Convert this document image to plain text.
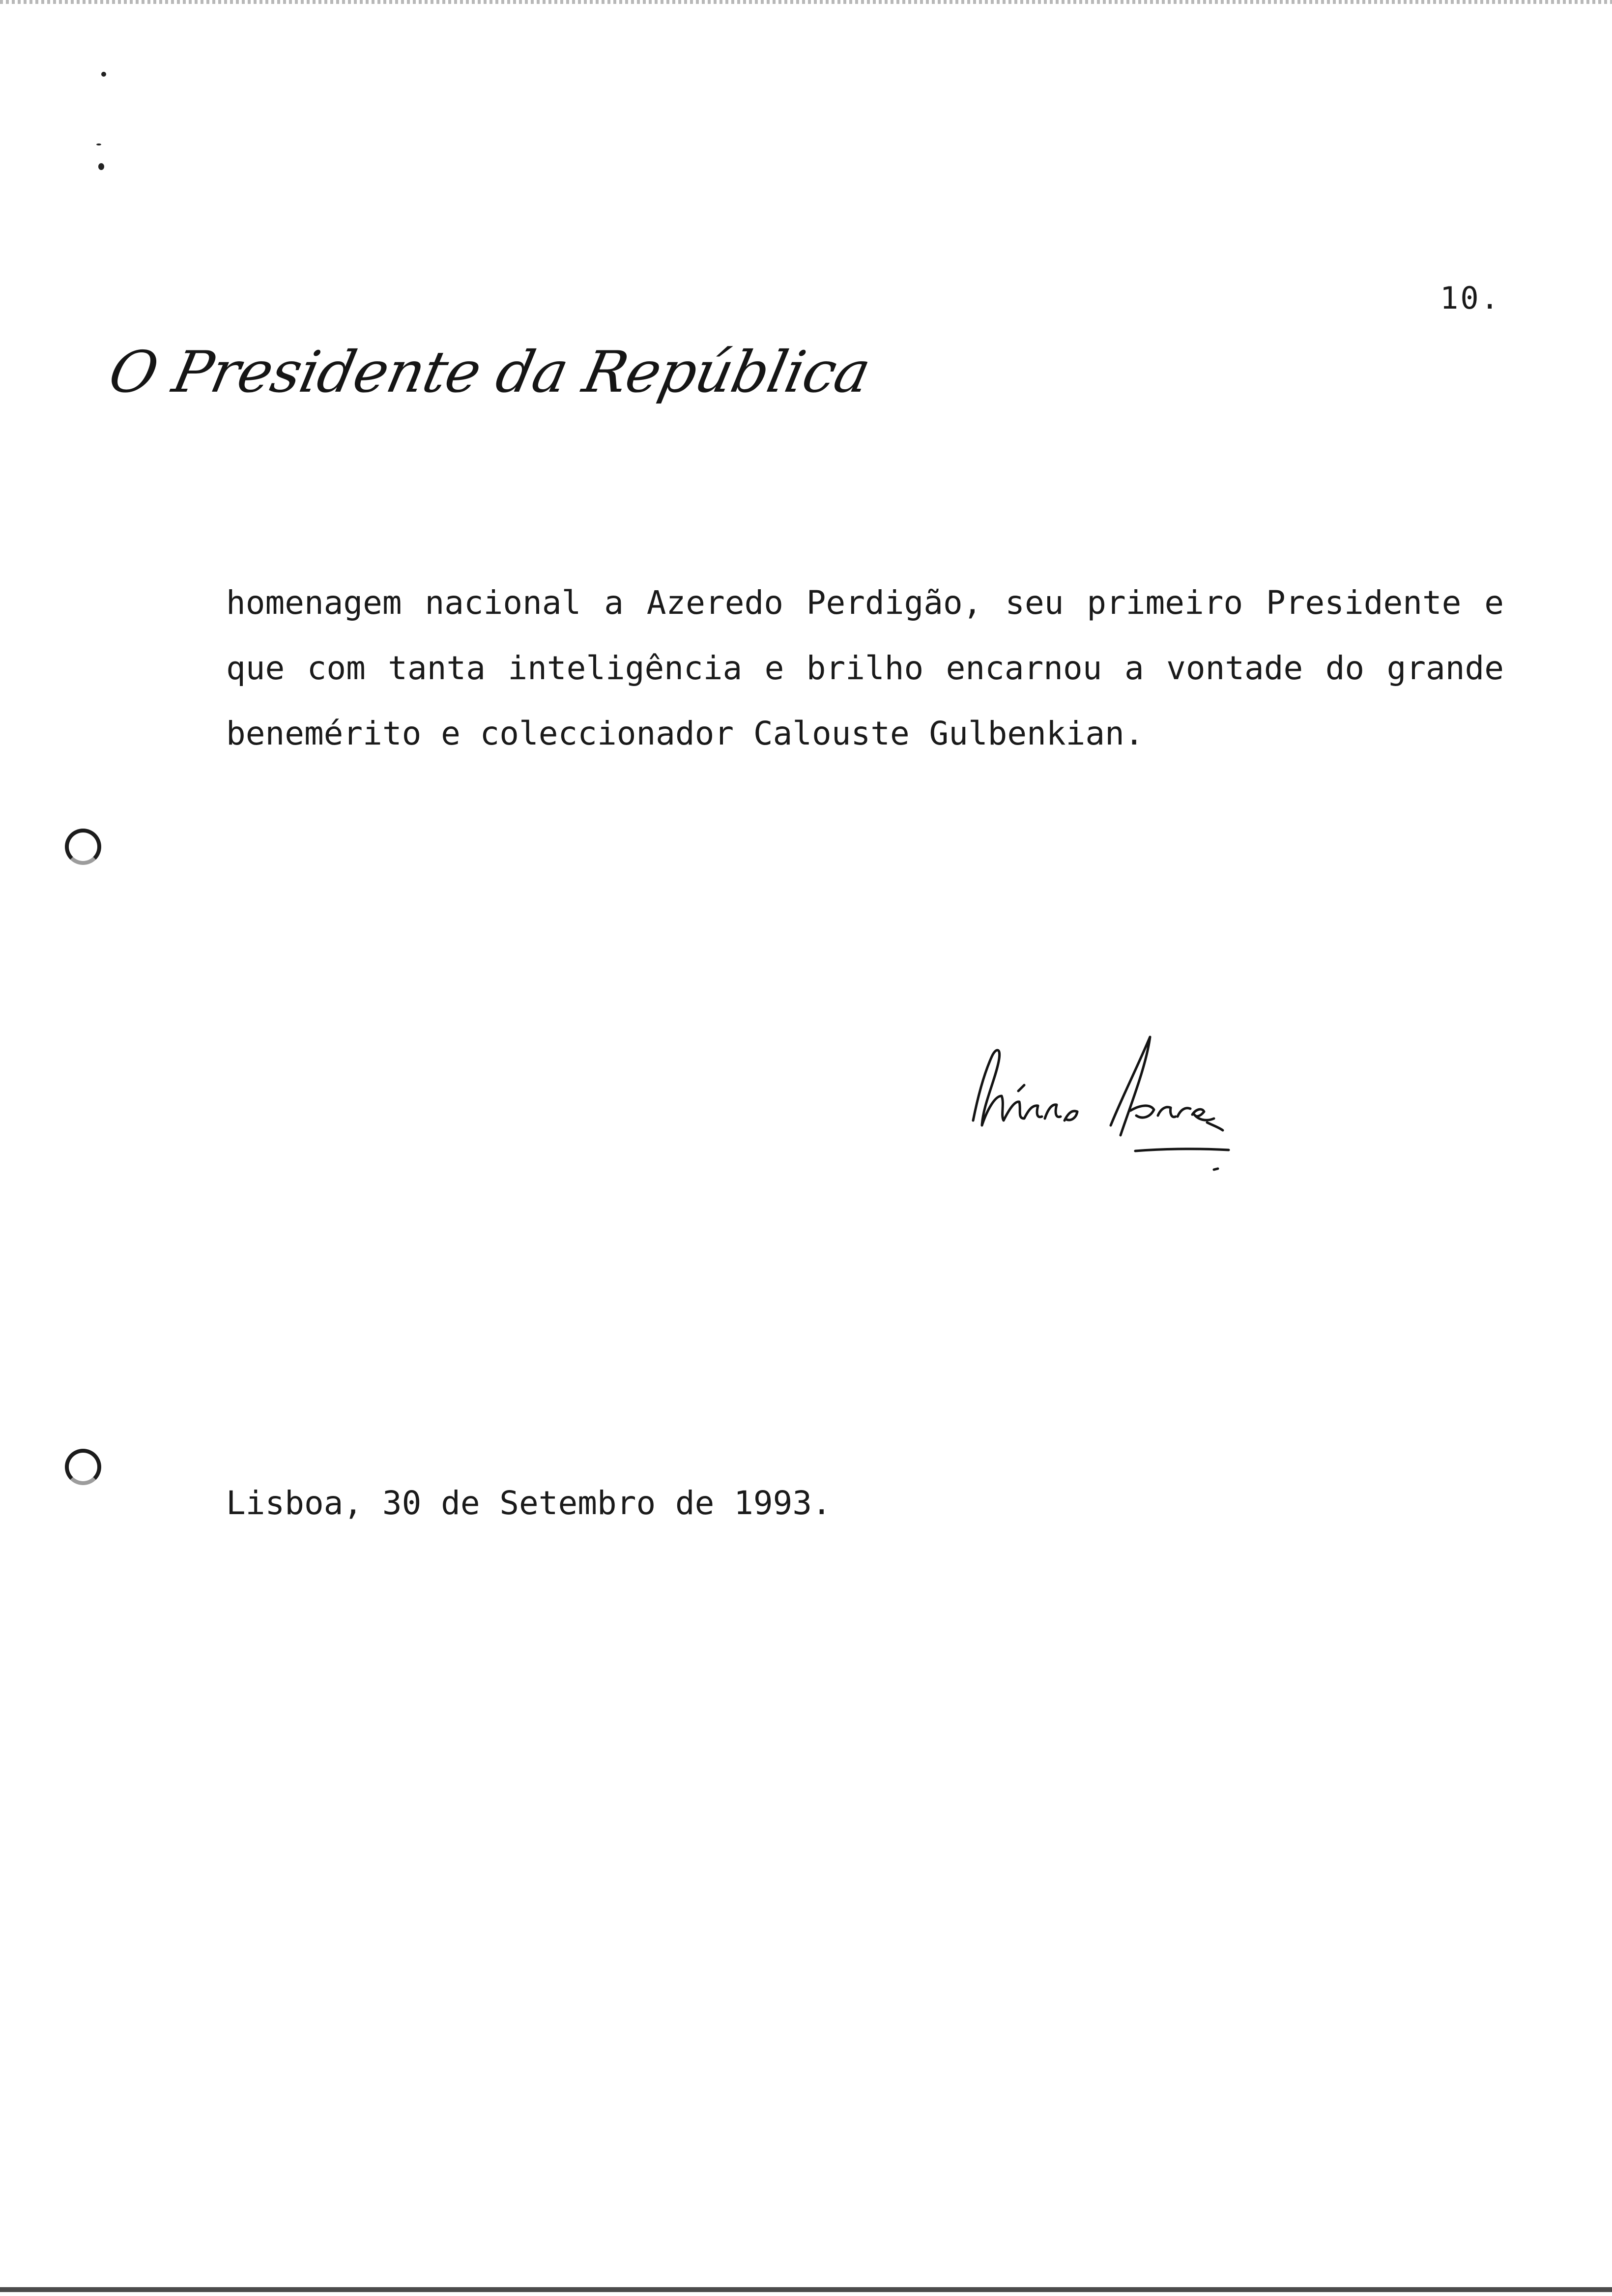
10.
O Presidente da República
homenagem nacional a Azeredo Perdigão, seu primeiro Presidente e
que com tanta inteligência e brilho encarnou a vontade do grande
benemérito e coleccionador Calouste Gulbenkian.
Lisboa, 30 de Setembro de 1993.
